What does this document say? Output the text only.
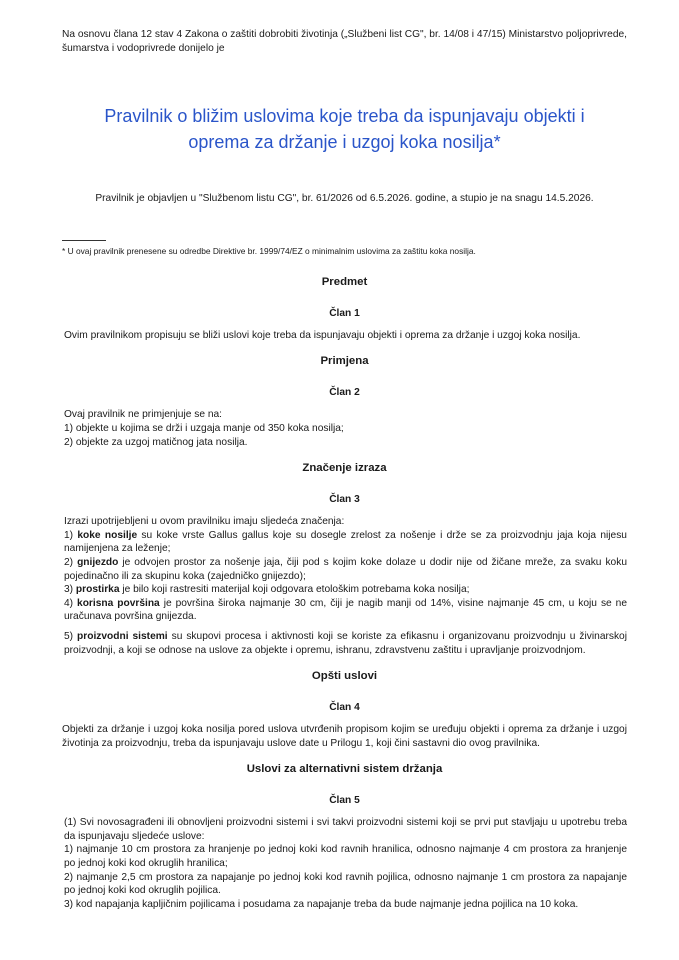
Na osnovu člana 12 stav 4 Zakona o zaštiti dobrobiti životinja („Službeni list CG", br. 14/08 i 47/15) Ministarstvo poljoprivrede, šumarstva i vodoprivrede donijelo je

Pravilnik o bližim uslovima koje treba da ispunjavaju objekti i
oprema za držanje i uzgoj koka nosilja*

Pravilnik je objavljen u "Službenom listu CG", br. 61/2026 od 6.5.2026. godine, a stupio je na snagu 14.5.2026.

* U ovaj pravilnik prenesene su odredbe Direktive br. 1999/74/EZ o minimalnim uslovima za zaštitu koka nosilja.

Predmet
Član 1

Ovim pravilnikom propisuju se bliži uslovi koje treba da ispunjavaju objekti i oprema za držanje i uzgoj koka nosilja.

Primjena
Član 2

Ovaj pravilnik ne primjenjuje se na:

1) objekte u kojima se drži i uzgaja manje od 350 koka nosilja;

2) objekte za uzgoj matičnog jata nosilja.

Značenje izraza
Član 3

Izrazi upotrijebljeni u ovom pravilniku imaju sljedeća značenja:

1) koke nosilje su koke vrste Gallus gallus koje su dosegle zrelost za nošenje i drže se za proizvodnju jaja koja nijesu namijenjena za leženje;

2) gnijezdo je odvojen prostor za nošenje jaja, čiji pod s kojim koke dolaze u dodir nije od žičane mreže, za svaku koku pojedinačno ili za skupinu koka (zajedničko gnijezdo);

3) prostirka je bilo koji rastresiti materijal koji odgovara etološkim potrebama koka nosilja;

4) korisna površina je površina široka najmanje 30 cm, čiji je nagib manji od 14%, visine najmanje 45 cm, u koju se ne uračunava površina gnijezda.

5) proizvodni sistemi su skupovi procesa i aktivnosti koji se koriste za efikasnu i organizovanu proizvodnju u živinarskoj proizvodnji, a koji se odnose na uslove za objekte i opremu, ishranu, zdravstvenu zaštitu i upravljanje proizvodnjom.

Opšti uslovi
Član 4

Objekti za držanje i uzgoj koka nosilja pored uslova utvrđenih propisom kojim se uređuju objekti i oprema za držanje i uzgoj životinja za proizvodnju, treba da ispunjavaju uslove date u Prilogu 1, koji čini sastavni dio ovog pravilnika.

Uslovi za alternativni sistem držanja
Član 5

(1) Svi novosagrađeni ili obnovljeni proizvodni sistemi i svi takvi proizvodni sistemi koji se prvi put stavljaju u upotrebu treba da ispunjavaju sljedeće uslove:

1) najmanje 10 cm prostora za hranjenje po jednoj koki kod ravnih hranilica, odnosno najmanje 4 cm prostora za hranjenje po jednoj koki kod okruglih hranilica;

2) najmanje 2,5 cm prostora za napajanje po jednoj koki kod ravnih pojilica, odnosno najmanje 1 cm prostora za napajanje po jednoj koki kod okruglih pojilica.

3) kod napajanja kapljičnim pojilicama i posudama za napajanje treba da bude najmanje jedna pojilica na 10 koka.
